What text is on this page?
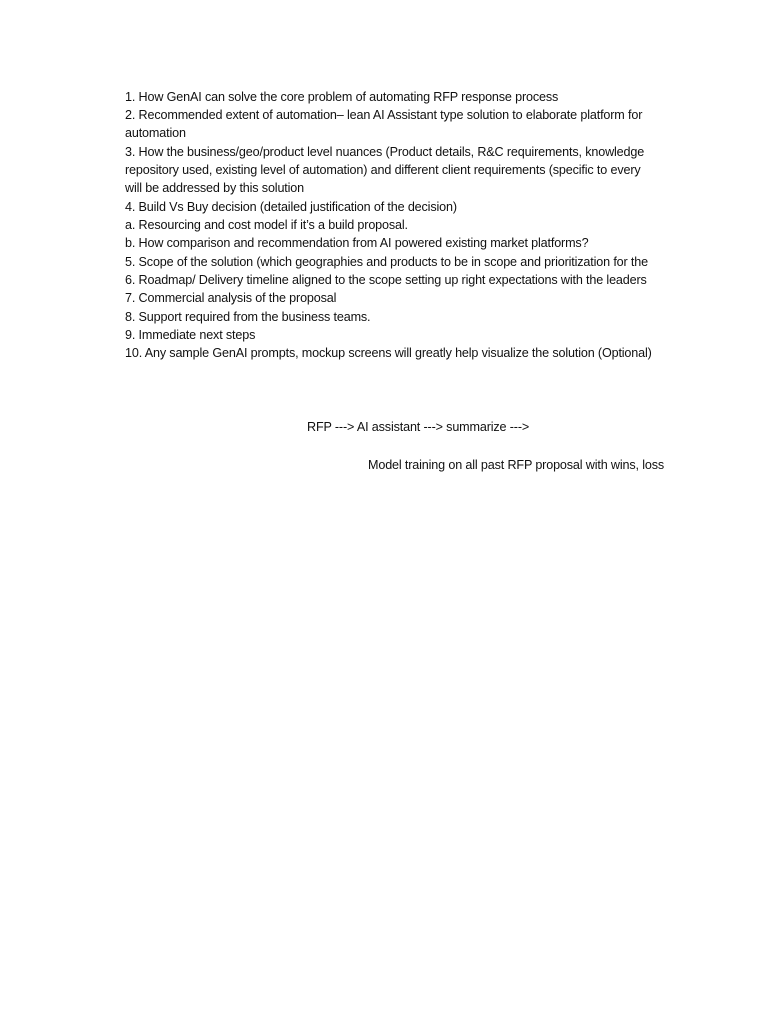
1. How GenAI can solve the core problem of automating RFP response process
2. Recommended extent of automation– lean AI Assistant type solution to elaborate platform for
automation
3. How the business/geo/product level nuances (Product details, R&C requirements, knowledge
repository used, existing level of automation) and different client requirements (specific to every
will be addressed by this solution
4. Build Vs Buy decision (detailed justification of the decision)
a. Resourcing and cost model if it’s a build proposal.
b. How comparison and recommendation from AI powered existing market platforms?
5. Scope of the solution (which geographies and products to be in scope and prioritization for the
6. Roadmap/ Delivery timeline aligned to the scope setting up right expectations with the leaders
7. Commercial analysis of the proposal
8. Support required from the business teams.
9. Immediate next steps
10. Any sample GenAI prompts, mockup screens will greatly help visualize the solution (Optional)
RFP ---> AI assistant ---> summarize --->
Model training on all past RFP proposal with wins, loss
